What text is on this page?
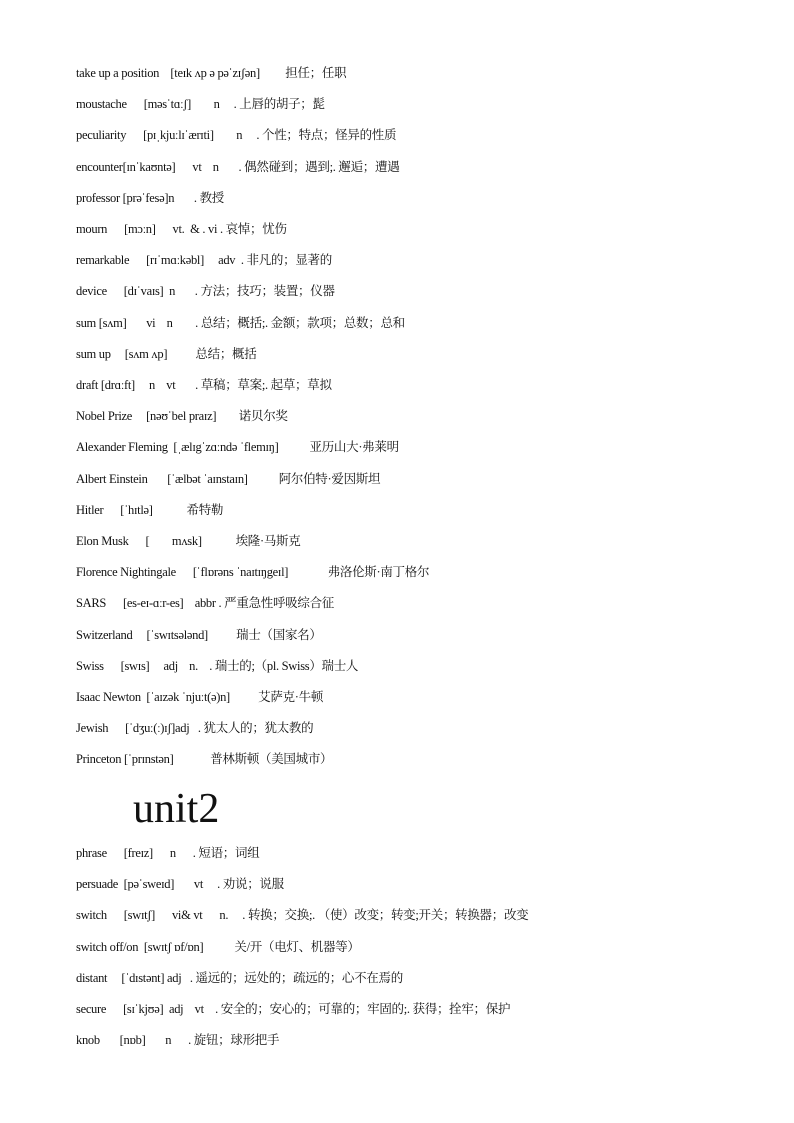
take up a position    [teɪk ʌp ə pəˈzɪʃən]         担任；任职
moustache      [məsˈtɑːʃ]        n     . 上唇的胡子；髭
peculiarity      [pɪˌkjuːlɪˈærɪti]        n     . 个性；特点；怪异的性质
encounter[ɪnˈkaʊntə]      vt    n       . 偶然碰到；遇到;. 邂逅；遭遇
professor [prəˈfesə]n       . 教授
mourn      [mɔːn]      vt.  & . vi . 哀悼；忧伤
remarkable      [rɪˈmɑːkəbl]     adv  . 非凡的；显著的
device      [dɪˈvaɪs]  n       . 方法；技巧；装置；仪器
sum [sʌm]       vi    n        . 总结；概括;. 金额；款项；总数；总和
sum up     [sʌm ʌp]          总结；概括
draft [drɑːft]     n    vt       . 草稿；草案;. 起草；草拟
Nobel Prize     [nəʊˈbel praɪz]        诺贝尔奖
Alexander Fleming  [ˌælɪgˈzɑːndə ˈflemɪŋ]           亚历山大·弗莱明
Albert Einstein       [ˈælbət ˈaɪnstaɪn]           阿尔伯特·爱因斯坦
Hitler      [ˈhɪtlə]            希特勒
Elon Musk      [        mʌsk]            埃隆·马斯克
Florence Nightingale      [ˈflɒrəns ˈnaɪtɪŋgeɪl]              弗洛伦斯·南丁格尔
SARS      [es-eɪ-ɑːr-es]    abbr . 严重急性呼吸综合征
Switzerland     [ˈswɪtsələnd]          瑞士（国家名）
Swiss      [swɪs]     adj    n.    . 瑞士的;（pl. Swiss）瑞士人
Isaac Newton  [ˈaɪzək ˈnjuːt(ə)n]          艾萨克·牛顿
Jewish      [ˈdʒuː(ː)ɪʃ]adj   . 犹太人的；犹太教的
Princeton [ˈprɪnstən]             普林斯顿（美国城市）
unit2
phrase      [freɪz]      n      . 短语；词组
persuade  [pəˈsweɪd]       vt     . 劝说；说服
switch      [swɪtʃ]      vi& vt      n.     . 转换；交换;. （使）改变；转变;开关；转换器；改变
switch off/on  [swɪtʃ ɒf/ɒn]           关/开（电灯、机器等）
distant     [ˈdɪstənt] adj   . 遥远的；远处的；疏远的；心不在焉的
secure      [sɪˈkjʊə]  adj    vt    . 安全的；安心的；可靠的；牢固的;. 获得；拴牢；保护
knob       [nɒb]       n      . 旋钮；球形把手
